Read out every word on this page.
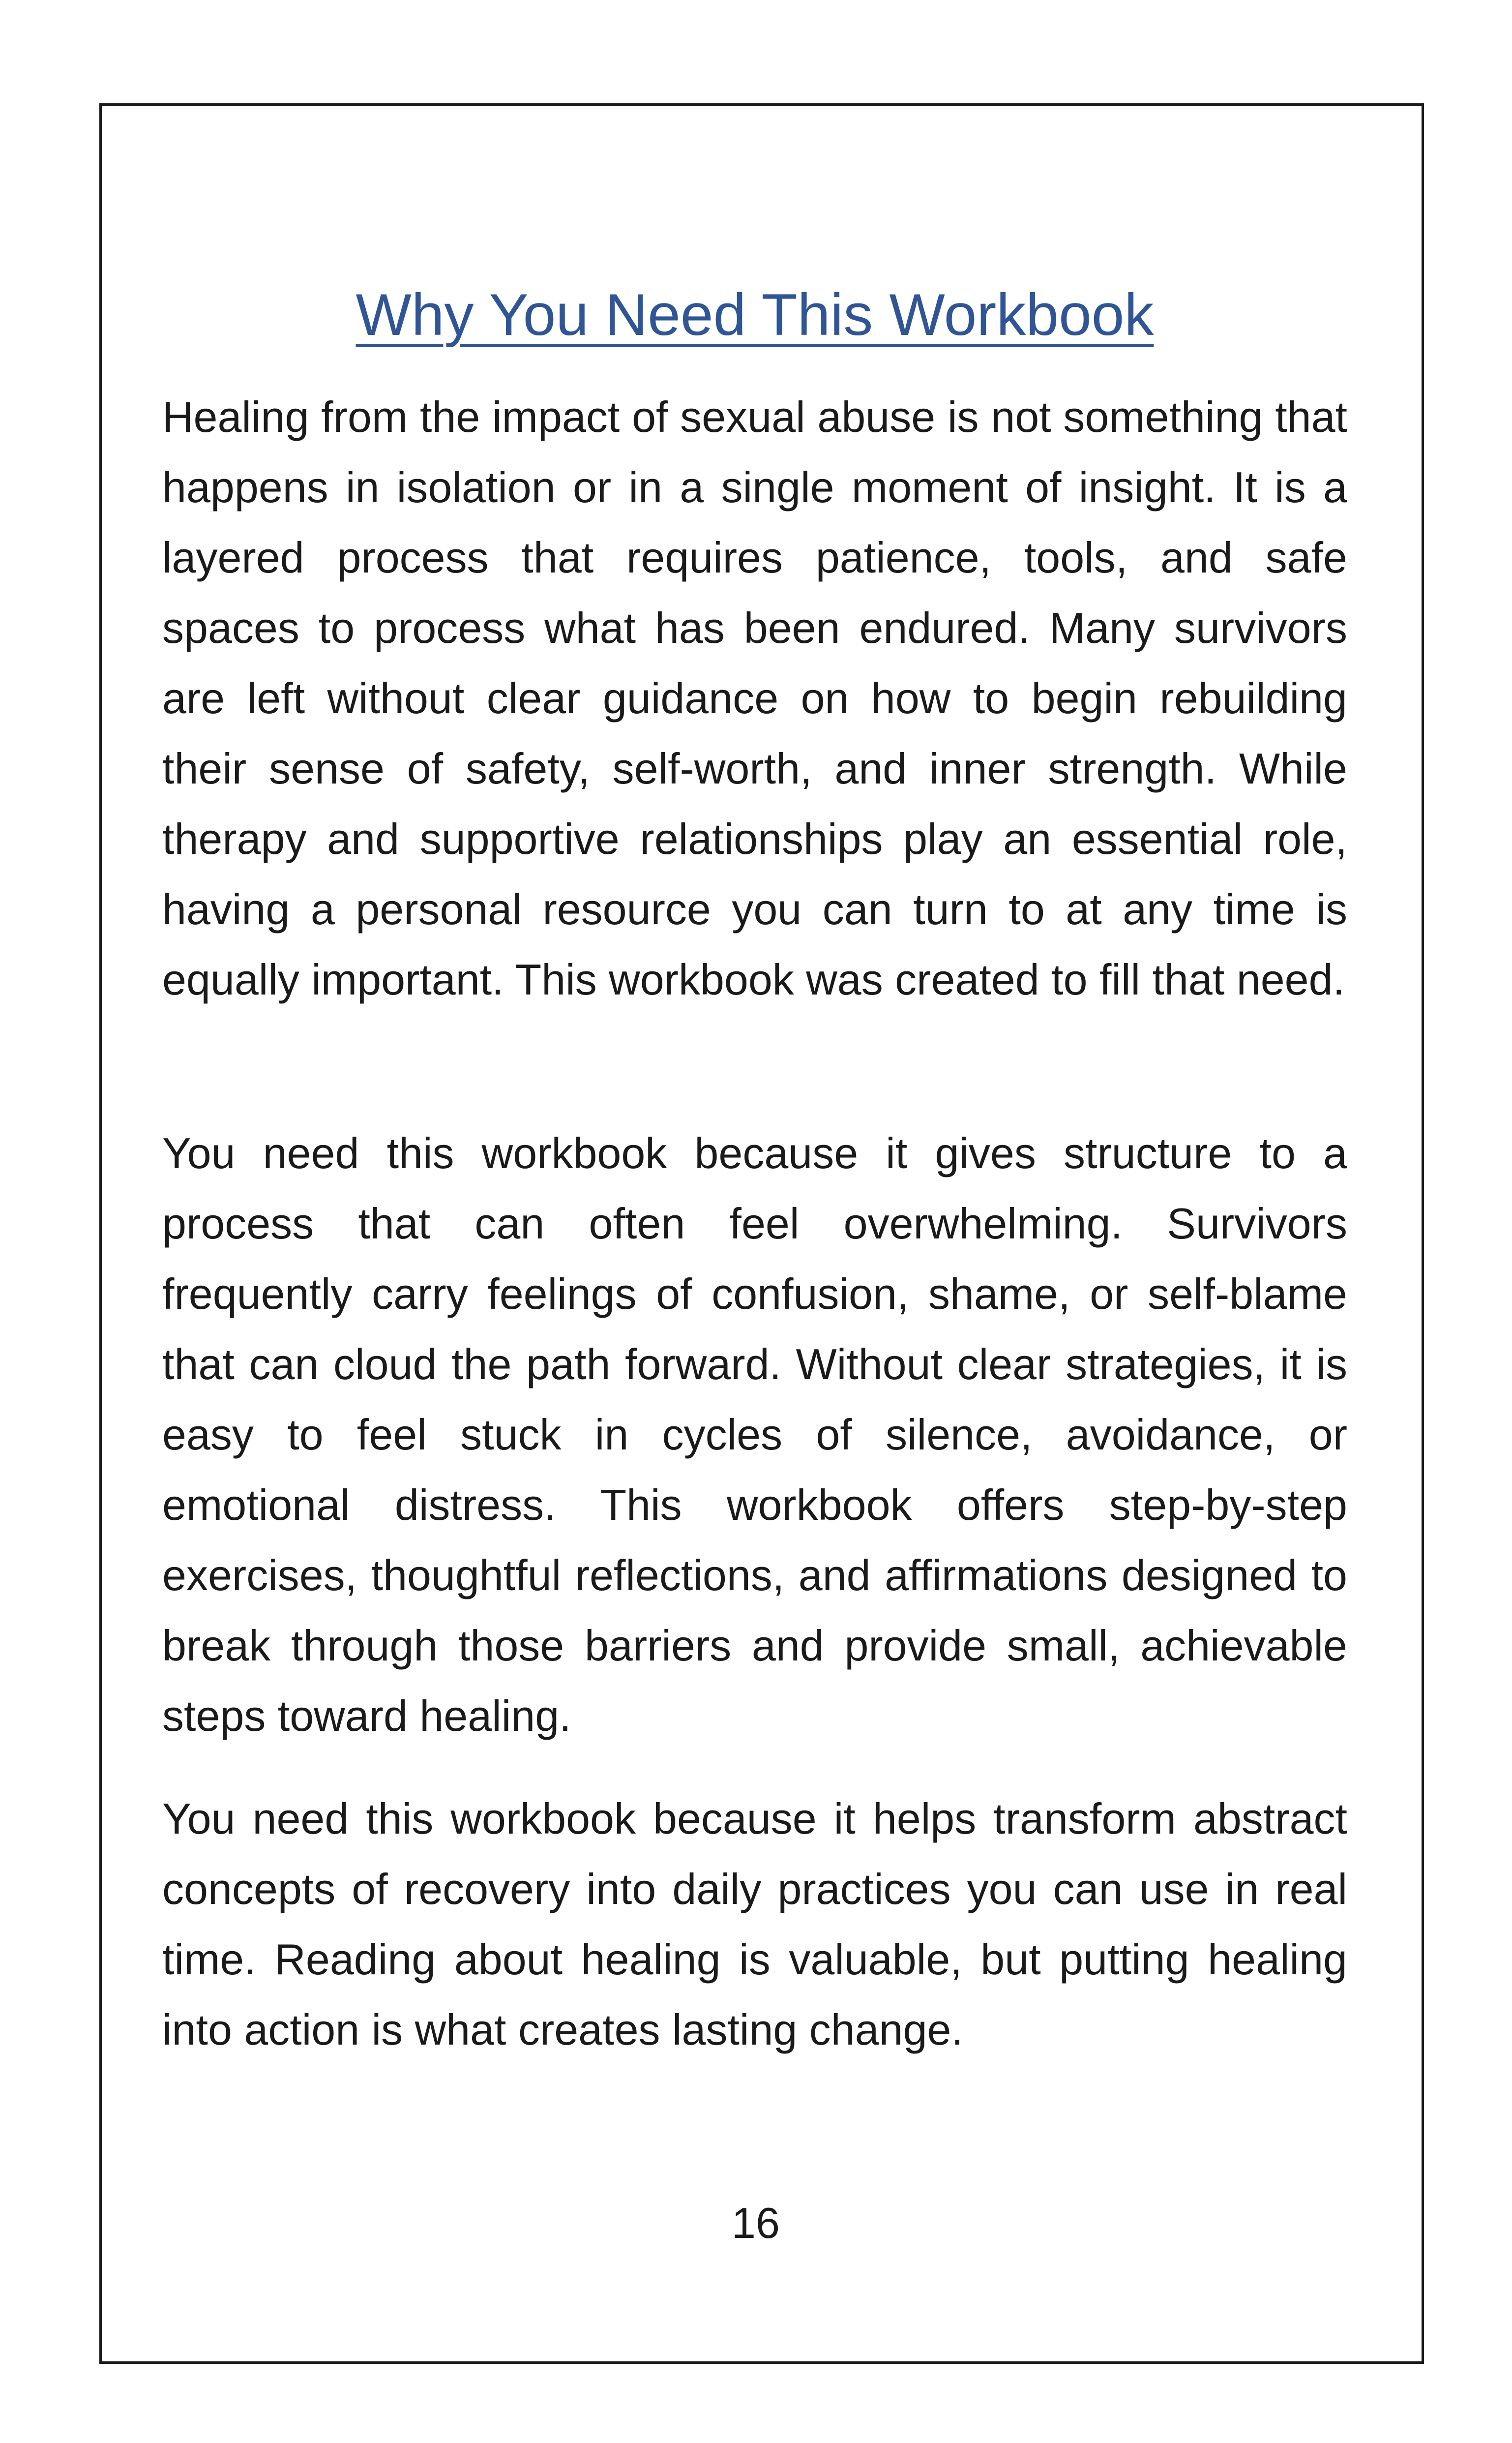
Why You Need This Workbook

Healing from the impact of sexual abuse is not something that happens in isolation or in a single moment of insight. It is a layered process that requires patience, tools, and safe spaces to process what has been endured. Many survivors are left without clear guidance on how to begin rebuilding their sense of safety, self-worth, and inner strength. While therapy and supportive relationships play an essential role, having a personal resource you can turn to at any time is equally important. This workbook was created to fill that need.

You need this workbook because it gives structure to a process that can often feel overwhelming. Survivors frequently carry feelings of confusion, shame, or self-blame that can cloud the path forward. Without clear strategies, it is easy to feel stuck in cycles of silence, avoidance, or emotional distress. This workbook offers step-by-step exercises, thoughtful reflections, and affirmations designed to break through those barriers and provide small, achievable steps toward healing.

You need this workbook because it helps transform abstract concepts of recovery into daily practices you can use in real time. Reading about healing is valuable, but putting healing into action is what creates lasting change.

16
